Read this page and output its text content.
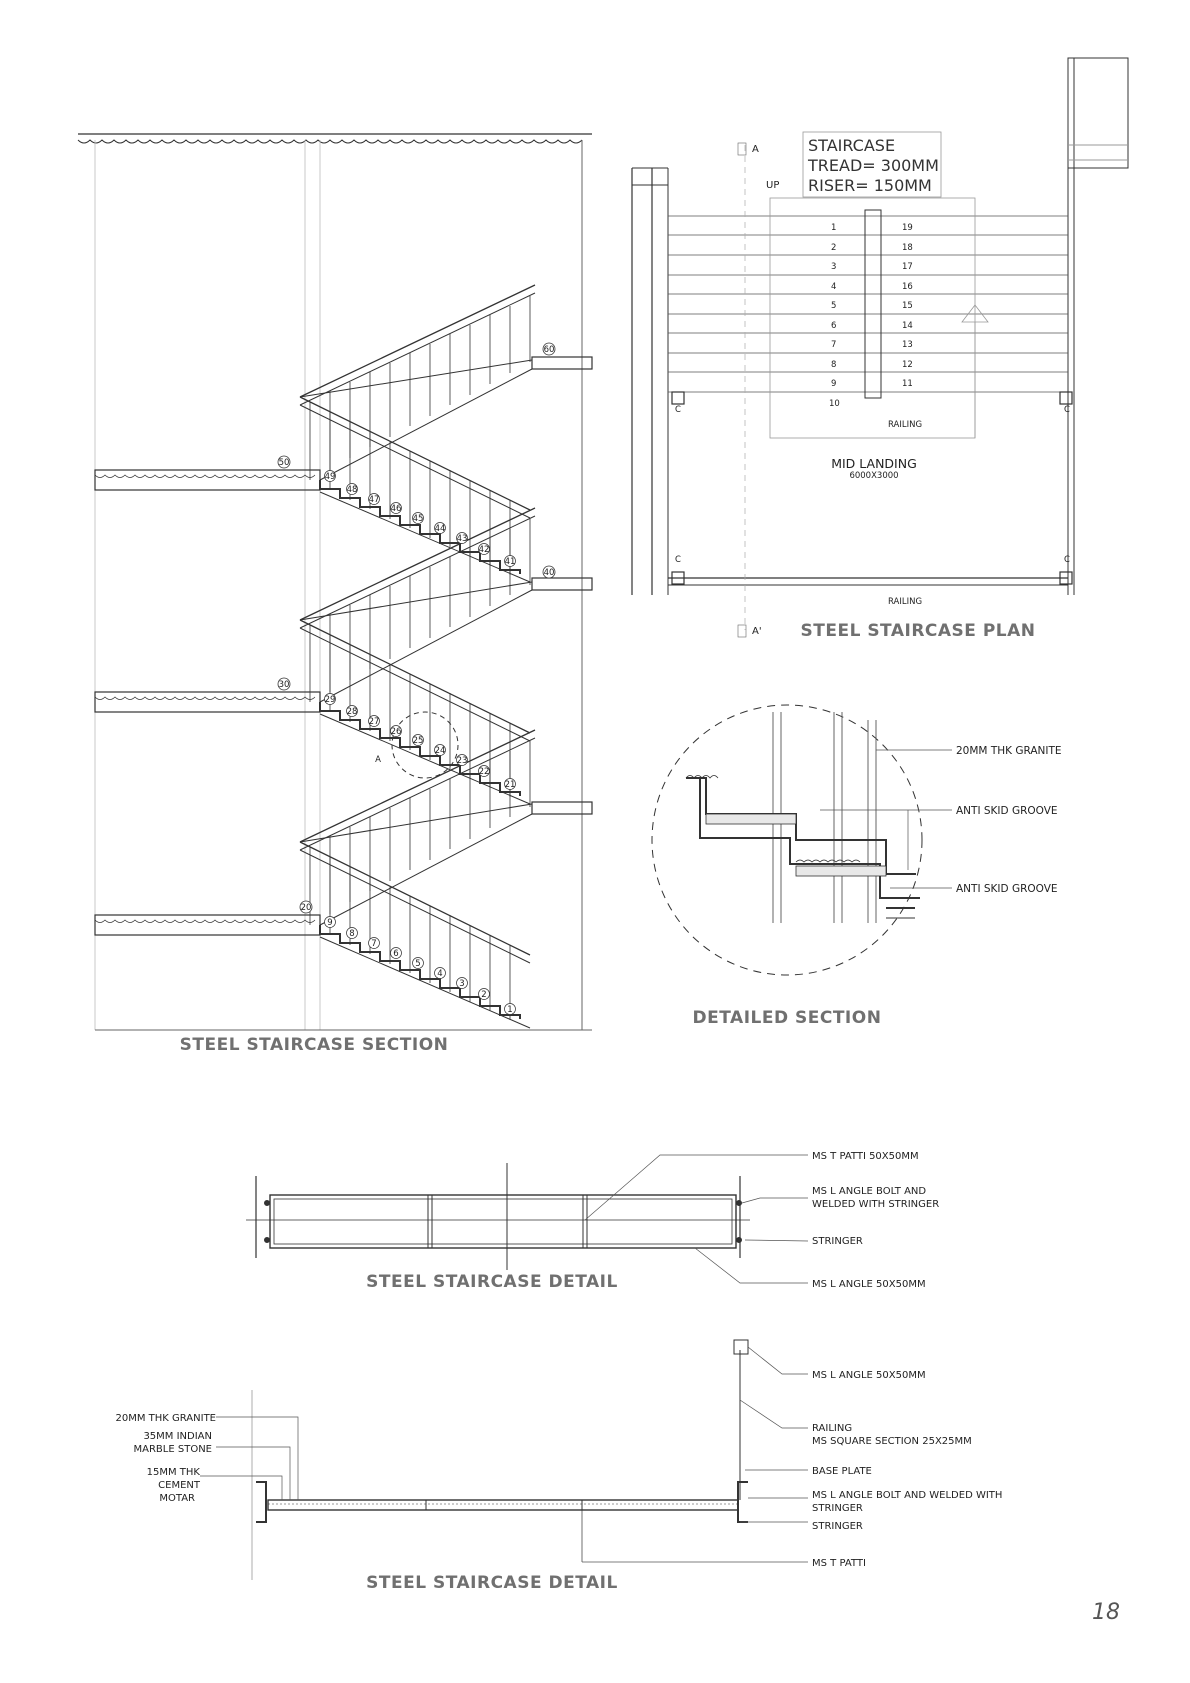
60
50
40
30
20
49
48
47
46
45
44
43
42
41
29
28
27
26
25
24
23
22
21
A
9
8
7
6
5
4
3
2
1
STEEL STAIRCASE SECTION
A
A'
UP
STAIRCASE
TREAD= 300MM
RISER= 150MM
1
2
3
4
5
6
7
8
9
10
19
18
17
16
15
14
13
12
11
RAILING
RAILING
C	C
C	C
MID LANDING
6000X3000
STEEL STAIRCASE PLAN
20MM THK GRANITE
ANTI SKID GROOVE
ANTI SKID GROOVE
DETAILED SECTION
MS T PATTI 50X50MM
MS L ANGLE BOLT AND
WELDED WITH STRINGER
STRINGER
MS L ANGLE 50X50MM
STEEL STAIRCASE DETAIL
20MM THK GRANITE
35MM INDIAN
MARBLE STONE
15MM THK
CEMENT
MOTAR
MS L ANGLE 50X50MM
RAILING
MS SQUARE SECTION 25X25MM
BASE PLATE
MS L ANGLE BOLT AND WELDED WITH
STRINGER
STRINGER
MS T PATTI
STEEL STAIRCASE DETAIL
18
